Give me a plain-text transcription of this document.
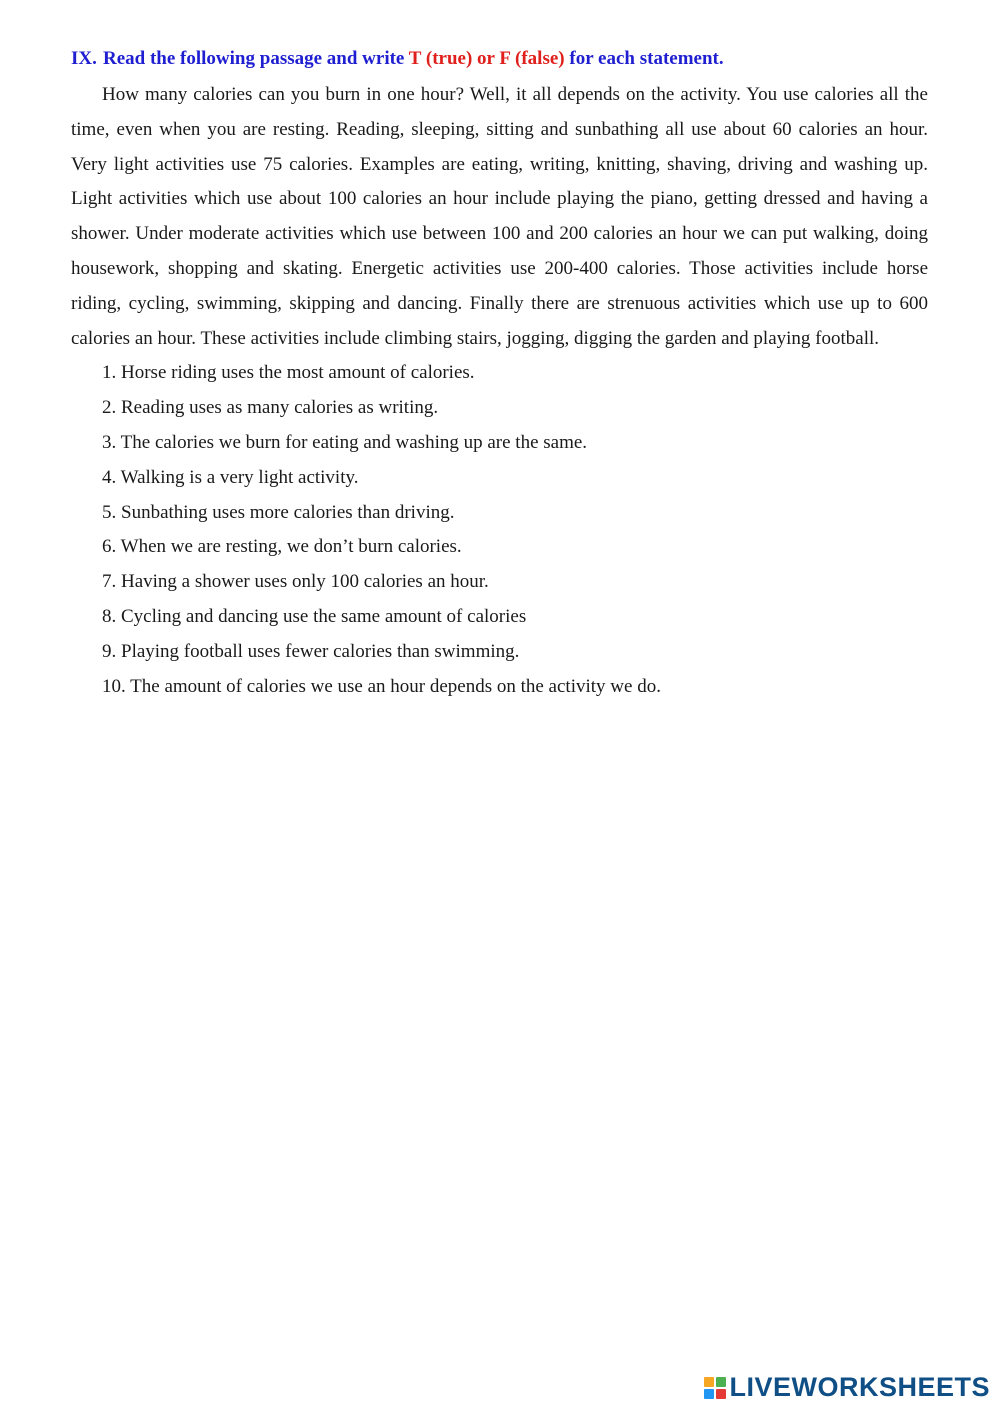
IX. Read the following passage and write T (true) or F (false) for each statement.

How many calories can you burn in one hour? Well, it all depends on the activity. You use calories all the time, even when you are resting. Reading, sleeping, sitting and sunbathing all use about 60 calories an hour. Very light activities use 75 calories. Examples are eating, writing, knitting, shaving, driving and washing up. Light activities which use about 100 calories an hour include playing the piano, getting dressed and having a shower. Under moderate activities which use between 100 and 200 calories an hour we can put walking, doing housework, shopping and skating. Energetic activities use 200-400 calories. Those activities include horse riding, cycling, swimming, skipping and dancing. Finally there are strenuous activities which use up to 600 calories an hour. These activities include climbing stairs, jogging, digging the garden and playing football.

1. Horse riding uses the most amount of calories.
2. Reading uses as many calories as writing.
3. The calories we burn for eating and washing up are the same.
4. Walking is a very light activity.
5. Sunbathing uses more calories than driving.
6. When we are resting, we don’t burn calories.
7. Having a shower uses only 100 calories an hour.
8. Cycling and dancing use the same amount of calories
9. Playing football uses fewer calories than swimming.
10. The amount of calories we use an hour depends on the activity we do.
LIVEWORKSHEETS
